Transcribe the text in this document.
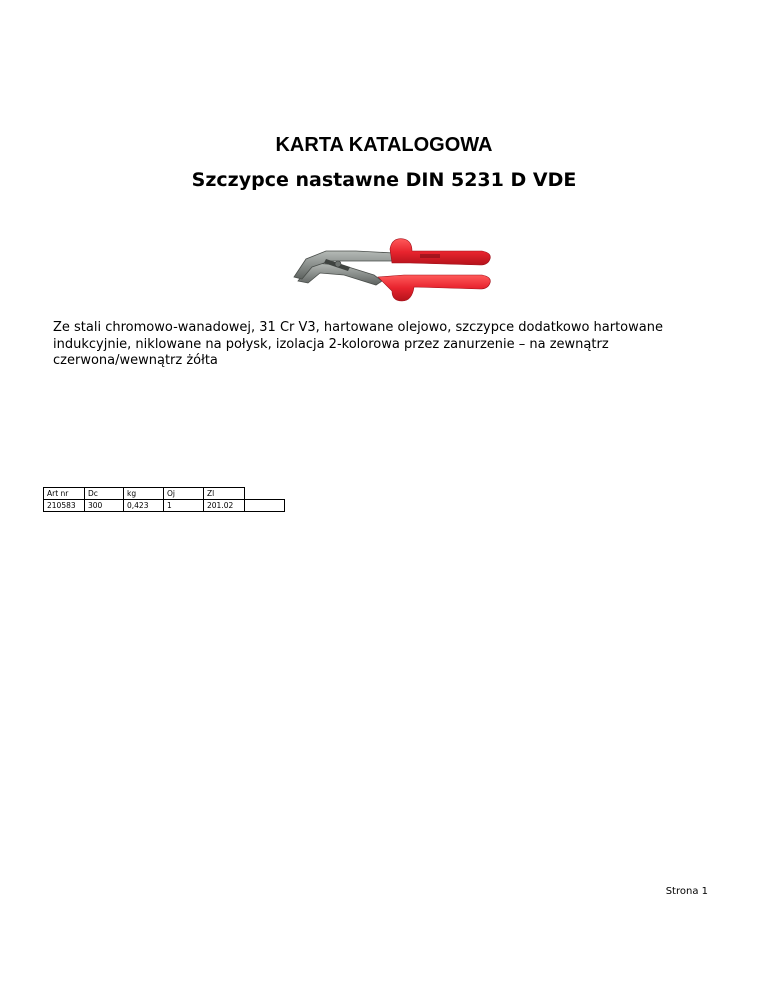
KARTA KATALOGOWA
Szczypce nastawne DIN 5231 D VDE

Ze stali chromowo-wanadowej, 31 Cr V3, hartowane olejowo, szczypce dodatkowo hartowane indukcyjnie, niklowane na połysk, izolacja 2-kolorowa przez zanurzenie – na zewnątrz czerwona/wewnątrz żółta

Art nr	Dc	kg	Oj	Zl	
210583	300	0,423	1	201.02	
Strona 1
